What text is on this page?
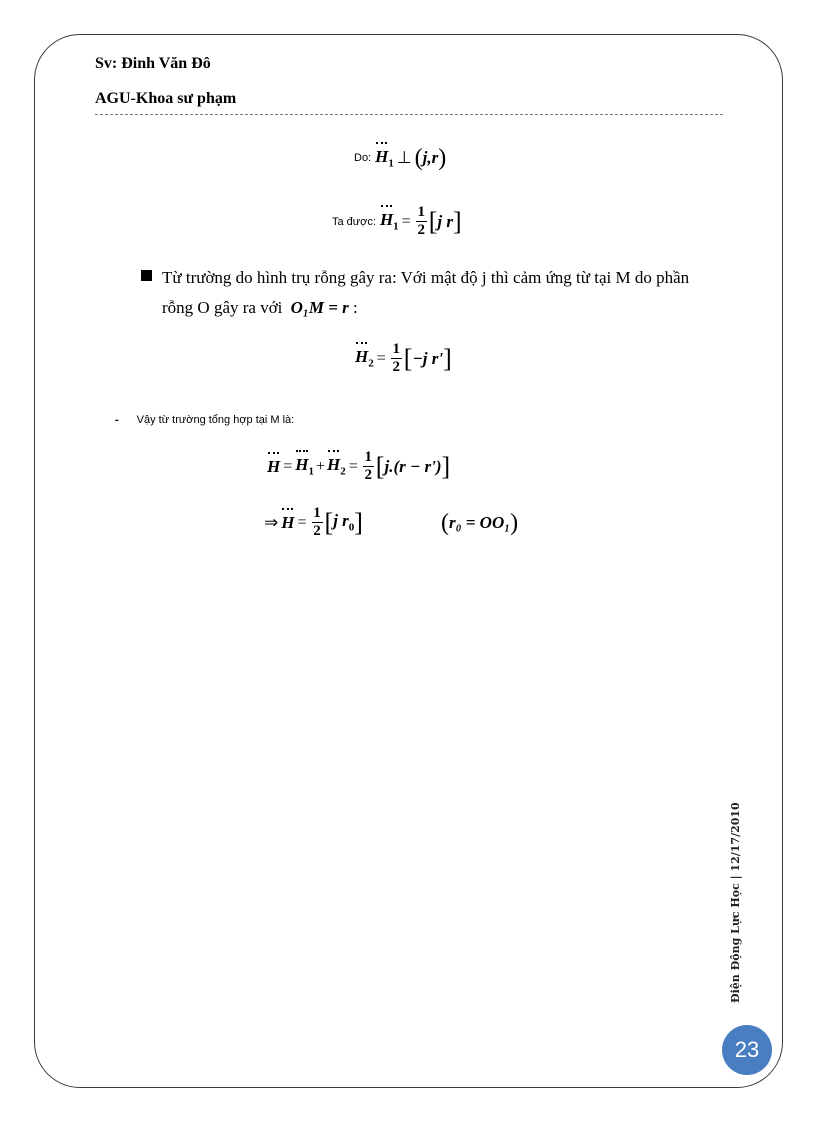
Sv: Đinh Văn Đô
AGU-Khoa sư phạm
Do:
$H_1$ ⊥ ( j,r )
Ta được:
$H_1 = \frac{1}{2}$ [ j r ]
Từ trường do hình trụ rỗng gây ra: Với mật độ j thì cảm ứng từ tại M do phần rỗng O gây ra với O₁M = r :
$H_2 = \frac{1}{2}$ [ −j r' ]
- Vậy từ trường tổng hợp tại M là:
$H = H_1 + H_2 = \frac{1}{2}$ [ j.(r − r') ]
⇒ $H = \frac{1}{2}$ [ j $r_0$ ]	( r₀ = OO₁ )
Điện Động Lực Học | 12/17/2010
23
